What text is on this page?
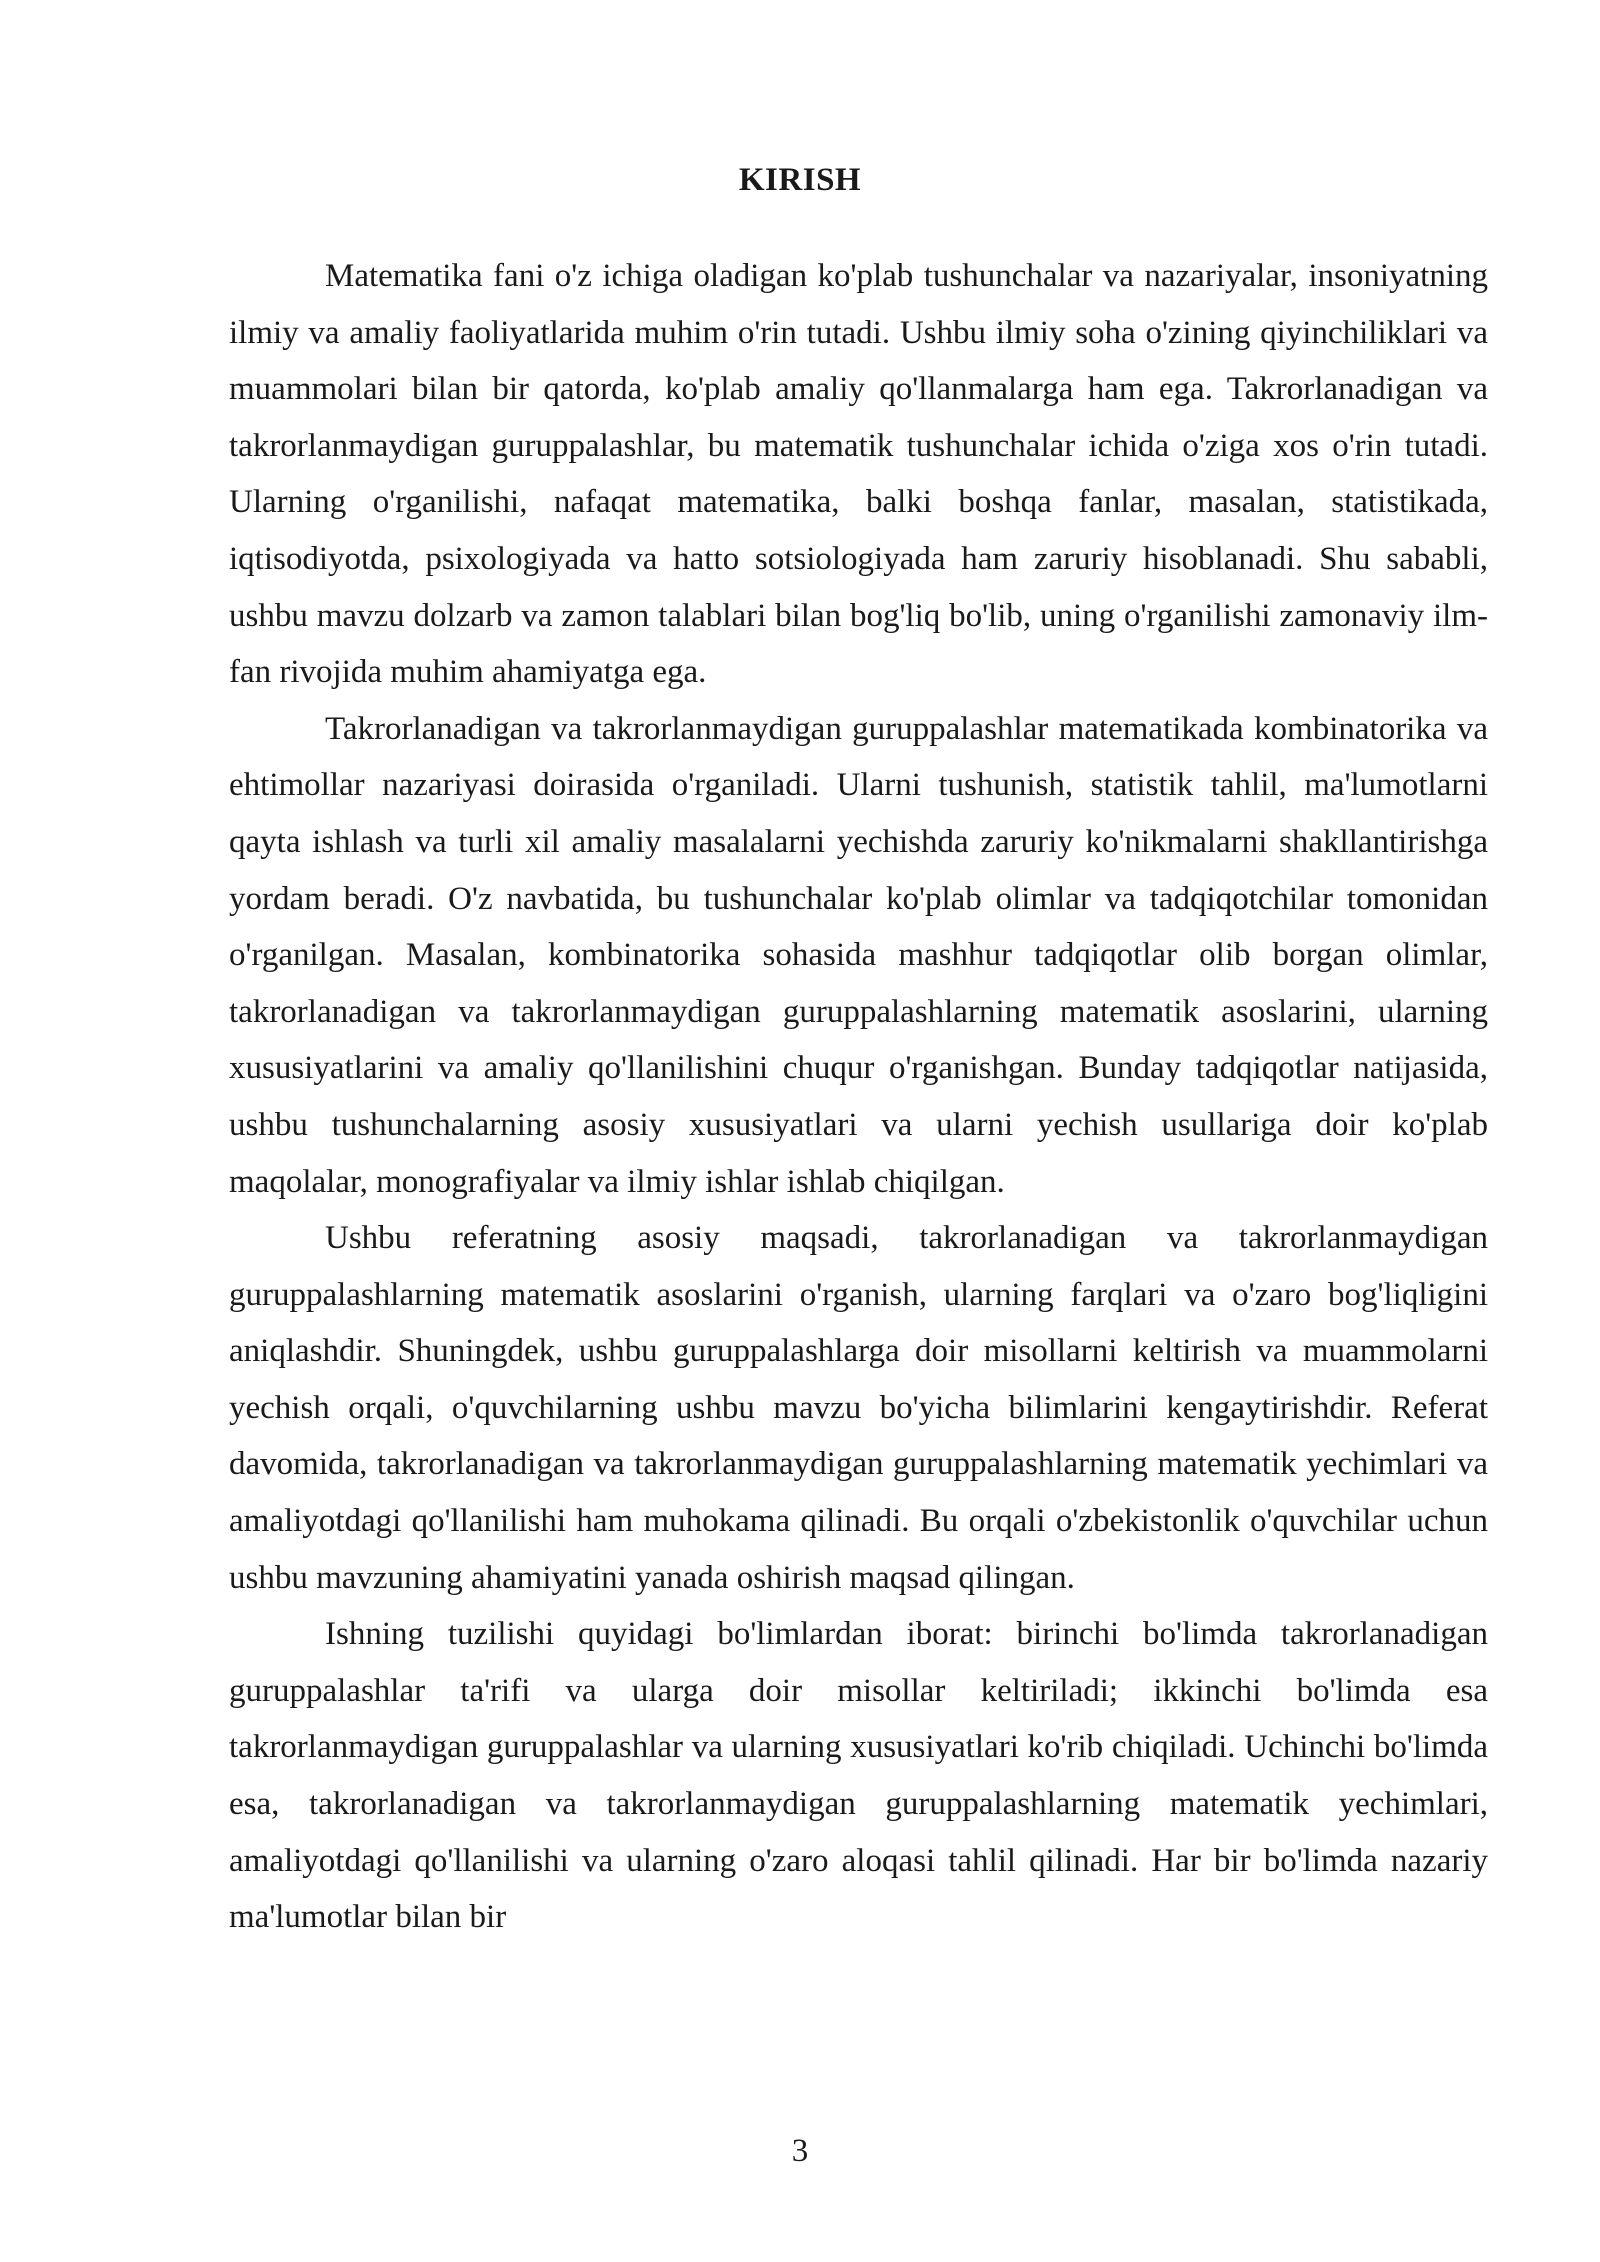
KIRISH

Matematika fani o'z ichiga oladigan ko'plab tushunchalar va nazariyalar, insoniyatning ilmiy va amaliy faoliyatlarida muhim o'rin tutadi. Ushbu ilmiy soha o'zining qiyinchiliklari va muammolari bilan bir qatorda, ko'plab amaliy qo'llanmalarga ham ega. Takrorlanadigan va takrorlanmaydigan guruppalashlar, bu matematik tushunchalar ichida o'ziga xos o'rin tutadi. Ularning o'rganilishi, nafaqat matematika, balki boshqa fanlar, masalan, statistikada, iqtisodiyotda, psixologiyada va hatto sotsiologiyada ham zaruriy hisoblanadi. Shu sababli, ushbu mavzu dolzarb va zamon talablari bilan bog'liq bo'lib, uning o'rganilishi zamonaviy ilm-fan rivojida muhim ahamiyatga ega.

Takrorlanadigan va takrorlanmaydigan guruppalashlar matematikada kombinatorika va ehtimollar nazariyasi doirasida o'rganiladi. Ularni tushunish, statistik tahlil, ma'lumotlarni qayta ishlash va turli xil amaliy masalalarni yechishda zaruriy ko'nikmalarni shakllantirishga yordam beradi. O'z navbatida, bu tushunchalar ko'plab olimlar va tadqiqotchilar tomonidan o'rganilgan. Masalan, kombinatorika sohasida mashhur tadqiqotlar olib borgan olimlar, takrorlanadigan va takrorlanmaydigan guruppalashlarning matematik asoslarini, ularning xususiyatlarini va amaliy qo'llanilishini chuqur o'rganishgan. Bunday tadqiqotlar natijasida, ushbu tushunchalarning asosiy xususiyatlari va ularni yechish usullariga doir ko'plab maqolalar, monografiyalar va ilmiy ishlar ishlab chiqilgan.

Ushbu referatning asosiy maqsadi, takrorlanadigan va takrorlanmaydigan guruppalashlarning matematik asoslarini o'rganish, ularning farqlari va o'zaro bog'liqligini aniqlashdir. Shuningdek, ushbu guruppalashlarga doir misollarni keltirish va muammolarni yechish orqali, o'quvchilarning ushbu mavzu bo'yicha bilimlarini kengaytirishdir. Referat davomida, takrorlanadigan va takrorlanmaydigan guruppalashlarning matematik yechimlari va amaliyotdagi qo'llanilishi ham muhokama qilinadi. Bu orqali o'zbekistonlik o'quvchilar uchun ushbu mavzuning ahamiyatini yanada oshirish maqsad qilingan.

Ishning tuzilishi quyidagi bo'limlardan iborat: birinchi bo'limda takrorlanadigan guruppalashlar ta'rifi va ularga doir misollar keltiriladi; ikkinchi bo'limda esa takrorlanmaydigan guruppalashlar va ularning xususiyatlari ko'rib chiqiladi. Uchinchi bo'limda esa, takrorlanadigan va takrorlanmaydigan guruppalashlarning matematik yechimlari, amaliyotdagi qo'llanilishi va ularning o'zaro aloqasi tahlil qilinadi. Har bir bo'limda nazariy ma'lumotlar bilan bir

3
